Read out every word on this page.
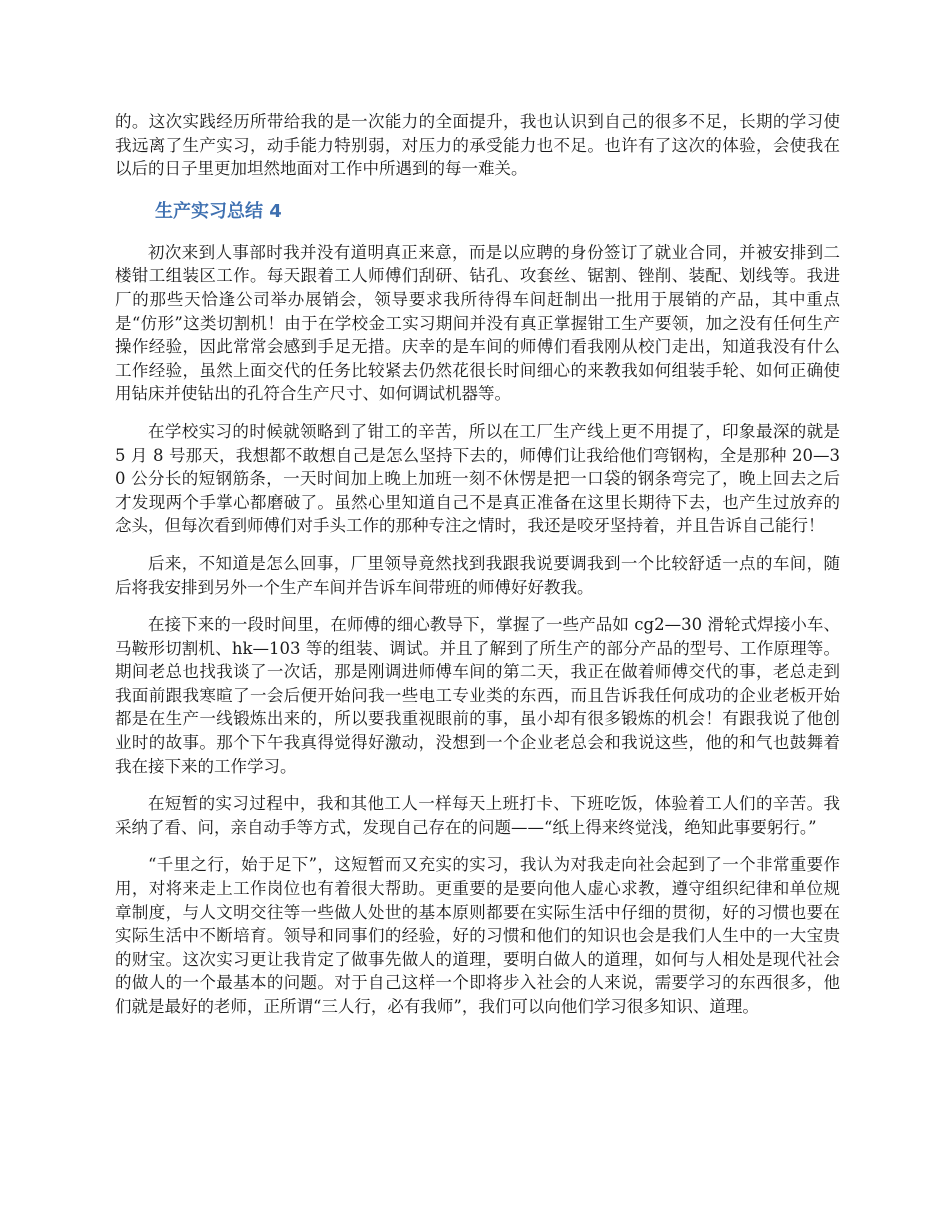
的。这次实践经历所带给我的是一次能力的全面提升，我也认识到自己的很多不足，长期的学习使我远离了生产实习，动手能力特别弱，对压力的承受能力也不足。也许有了这次的体验，会使我在以后的日子里更加坦然地面对工作中所遇到的每一难关。

生产实习总结 4

初次来到人事部时我并没有道明真正来意，而是以应聘的身份签订了就业合同，并被安排到二楼钳工组装区工作。每天跟着工人师傅们刮研、钻孔、攻套丝、锯割、锉削、装配、划线等。我进厂的那些天恰逢公司举办展销会，领导要求我所待得车间赶制出一批用于展销的产品，其中重点是“仿形”这类切割机！由于在学校金工实习期间并没有真正掌握钳工生产要领，加之没有任何生产操作经验，因此常常会感到手足无措。庆幸的是车间的师傅们看我刚从校门走出，知道我没有什么工作经验，虽然上面交代的任务比较紧去仍然花很长时间细心的来教我如何组装手轮、如何正确使用钻床并使钻出的孔符合生产尺寸、如何调试机器等。

在学校实习的时候就领略到了钳工的辛苦，所以在工厂生产线上更不用提了，印象最深的就是 5 月 8 号那天，我想都不敢想自己是怎么坚持下去的，师傅们让我给他们弯钢构，全是那种 20—30 公分长的短钢筋条，一天时间加上晚上加班一刻不休愣是把一口袋的钢条弯完了，晚上回去之后才发现两个手掌心都磨破了。虽然心里知道自己不是真正准备在这里长期待下去，也产生过放弃的念头，但每次看到师傅们对手头工作的那种专注之情时，我还是咬牙坚持着，并且告诉自己能行！

后来，不知道是怎么回事，厂里领导竟然找到我跟我说要调我到一个比较舒适一点的车间，随后将我安排到另外一个生产车间并告诉车间带班的师傅好好教我。

在接下来的一段时间里，在师傅的细心教导下，掌握了一些产品如 cg2—30 滑轮式焊接小车、马鞍形切割机、hk—103 等的组装、调试。并且了解到了所生产的部分产品的型号、工作原理等。期间老总也找我谈了一次话，那是刚调进师傅车间的第二天，我正在做着师傅交代的事，老总走到我面前跟我寒暄了一会后便开始问我一些电工专业类的东西，而且告诉我任何成功的企业老板开始都是在生产一线锻炼出来的，所以要我重视眼前的事，虽小却有很多锻炼的机会！有跟我说了他创业时的故事。那个下午我真得觉得好激动，没想到一个企业老总会和我说这些，他的和气也鼓舞着我在接下来的工作学习。

在短暂的实习过程中，我和其他工人一样每天上班打卡、下班吃饭，体验着工人们的辛苦。我采纳了看、问，亲自动手等方式，发现自己存在的问题——“纸上得来终觉浅，绝知此事要躬行。”

“千里之行，始于足下”，这短暂而又充实的实习，我认为对我走向社会起到了一个非常重要作用，对将来走上工作岗位也有着很大帮助。更重要的是要向他人虚心求教，遵守组织纪律和单位规章制度，与人文明交往等一些做人处世的基本原则都要在实际生活中仔细的贯彻，好的习惯也要在实际生活中不断培育。领导和同事们的经验，好的习惯和他们的知识也会是我们人生中的一大宝贵的财宝。这次实习更让我肯定了做事先做人的道理，要明白做人的道理，如何与人相处是现代社会的做人的一个最基本的问题。对于自己这样一个即将步入社会的人来说，需要学习的东西很多，他们就是最好的老师，正所谓“三人行，必有我师”，我们可以向他们学习很多知识、道理。
